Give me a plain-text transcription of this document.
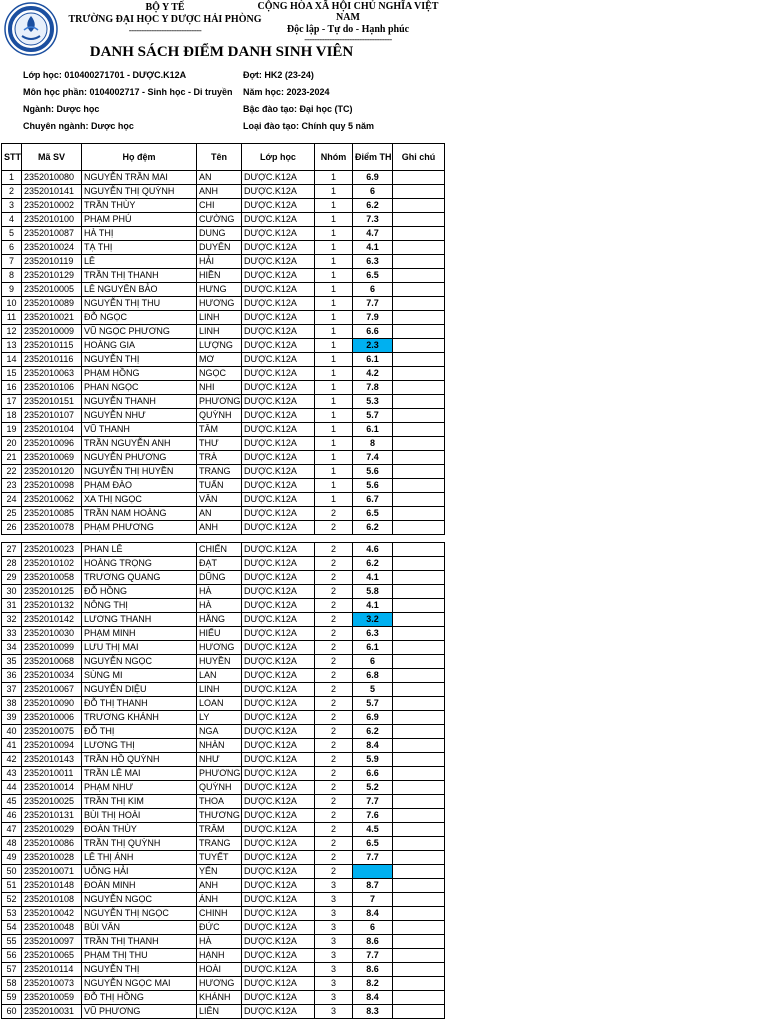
BỘ Y TẾ
TRƯỜNG ĐẠI HỌC Y DƯỢC HẢI PHÒNG
-----------------------------
CỘNG HÒA XÃ HỘI CHỦ NGHĨA VIỆT
NAM
Độc lập - Tự do - Hạnh phúc
-----------------------------------
DANH SÁCH ĐIỂM DANH SINH VIÊN
Lớp học: 010400271701 - DƯỢC.K12A
Môn học phần: 0104002717 - Sinh học - Di truyền
Ngành: Dược học
Chuyên ngành: Dược học
Đợt: HK2 (23-24)
Năm học: 2023-2024
Bậc đào tạo: Đại học (TC)
Loại đào tạo: Chính quy 5 năm
STT	Mã SV	Họ đệm	Tên	Lớp học	Nhóm	Điểm TH	Ghi chú
1	2352010080	NGUYỄN TRẦN MAI	AN	DƯỢC.K12A	1	6.9	
2	2352010141	NGUYỄN THỊ QUỲNH	ANH	DƯỢC.K12A	1	6	
3	2352010002	TRẦN THÙY	CHI	DƯỢC.K12A	1	6.2	
4	2352010100	PHẠM PHÚ	CƯỜNG	DƯỢC.K12A	1	7.3	
5	2352010087	HÀ THỊ	DUNG	DƯỢC.K12A	1	4.7	
6	2352010024	TẠ THỊ	DUYÊN	DƯỢC.K12A	1	4.1	
7	2352010119	LÊ	HẢI	DƯỢC.K12A	1	6.3	
8	2352010129	TRẦN THỊ THANH	HIỀN	DƯỢC.K12A	1	6.5	
9	2352010005	LÊ NGUYÊN BẢO	HƯNG	DƯỢC.K12A	1	6	
10	2352010089	NGUYỄN THỊ THU	HƯƠNG	DƯỢC.K12A	1	7.7	
11	2352010021	ĐỖ NGỌC	LINH	DƯỢC.K12A	1	7.9	
12	2352010009	VŨ NGỌC PHƯƠNG	LINH	DƯỢC.K12A	1	6.6	
13	2352010115	HOÀNG GIA	LƯỢNG	DƯỢC.K12A	1	2.3	
14	2352010116	NGUYỄN THỊ	MƠ	DƯỢC.K12A	1	6.1	
15	2352010063	PHẠM HỒNG	NGỌC	DƯỢC.K12A	1	4.2	
16	2352010106	PHAN NGỌC	NHI	DƯỢC.K12A	1	7.8	
17	2352010151	NGUYỄN THANH	PHƯƠNG	DƯỢC.K12A	1	5.3	
18	2352010107	NGUYỄN NHƯ	QUỲNH	DƯỢC.K12A	1	5.7	
19	2352010104	VŨ THANH	TÂM	DƯỢC.K12A	1	6.1	
20	2352010096	TRẦN NGUYỄN ANH	THƯ	DƯỢC.K12A	1	8	
21	2352010069	NGUYỄN PHƯƠNG	TRÀ	DƯỢC.K12A	1	7.4	
22	2352010120	NGUYỄN THỊ HUYỀN	TRANG	DƯỢC.K12A	1	5.6	
23	2352010098	PHẠM ĐÀO	TUẤN	DƯỢC.K12A	1	5.6	
24	2352010062	XA THỊ NGỌC	VÂN	DƯỢC.K12A	1	6.7	
25	2352010085	TRẦN NAM HOÀNG	AN	DƯỢC.K12A	2	6.5	
26	2352010078	PHẠM PHƯƠNG	ANH	DƯỢC.K12A	2	6.2	
27	2352010023	PHAN LÊ	CHIẾN	DƯỢC.K12A	2	4.6	
28	2352010102	HOÀNG TRỌNG	ĐẠT	DƯỢC.K12A	2	6.2	
29	2352010058	TRƯƠNG QUANG	DŨNG	DƯỢC.K12A	2	4.1	
30	2352010125	ĐỖ HỒNG	HÀ	DƯỢC.K12A	2	5.8	
31	2352010132	NÔNG THỊ	HÀ	DƯỢC.K12A	2	4.1	
32	2352010142	LƯƠNG THANH	HẰNG	DƯỢC.K12A	2	3.2	
33	2352010030	PHẠM MINH	HIẾU	DƯỢC.K12A	2	6.3	
34	2352010099	LƯU THỊ MAI	HƯƠNG	DƯỢC.K12A	2	6.1	
35	2352010068	NGUYỄN NGỌC	HUYỀN	DƯỢC.K12A	2	6	
36	2352010034	SÙNG MI	LAN	DƯỢC.K12A	2	6.8	
37	2352010067	NGUYỄN DIỆU	LINH	DƯỢC.K12A	2	5	
38	2352010090	ĐỖ THỊ THANH	LOAN	DƯỢC.K12A	2	5.7	
39	2352010006	TRƯƠNG KHÁNH	LY	DƯỢC.K12A	2	6.9	
40	2352010075	ĐỖ THỊ	NGA	DƯỢC.K12A	2	6.2	
41	2352010094	LƯƠNG THỊ	NHÀN	DƯỢC.K12A	2	8.4	
42	2352010143	TRẦN HỒ QUỲNH	NHƯ	DƯỢC.K12A	2	5.9	
43	2352010011	TRẦN LÊ MAI	PHƯƠNG	DƯỢC.K12A	2	6.6	
44	2352010014	PHẠM NHƯ	QUỲNH	DƯỢC.K12A	2	5.2	
45	2352010025	TRẦN THỊ KIM	THOA	DƯỢC.K12A	2	7.7	
46	2352010131	BÙI THỊ HOÀI	THƯƠNG	DƯỢC.K12A	2	7.6	
47	2352010029	ĐOÀN THÙY	TRÂM	DƯỢC.K12A	2	4.5	
48	2352010086	TRẦN THỊ QUỲNH	TRANG	DƯỢC.K12A	2	6.5	
49	2352010028	LÊ THỊ ÁNH	TUYẾT	DƯỢC.K12A	2	7.7	
50	2352010071	UÔNG HẢI	YẾN	DƯỢC.K12A	2		
51	2352010148	ĐOÀN MINH	ANH	DƯỢC.K12A	3	8.7	
52	2352010108	NGUYỄN NGỌC	ÁNH	DƯỢC.K12A	3	7	
53	2352010042	NGUYỄN THỊ NGỌC	CHINH	DƯỢC.K12A	3	8.4	
54	2352010048	BÙI VĂN	ĐỨC	DƯỢC.K12A	3	6	
55	2352010097	TRẦN THỊ THANH	HÀ	DƯỢC.K12A	3	8.6	
56	2352010065	PHẠM THỊ THU	HẠNH	DƯỢC.K12A	3	7.7	
57	2352010114	NGUYỄN THỊ	HOÀI	DƯỢC.K12A	3	8.6	
58	2352010073	NGUYỄN NGỌC MAI	HƯƠNG	DƯỢC.K12A	3	8.2	
59	2352010059	ĐỖ THỊ HỒNG	KHÁNH	DƯỢC.K12A	3	8.4	
60	2352010031	VŨ PHƯƠNG	LIÊN	DƯỢC.K12A	3	8.3	
